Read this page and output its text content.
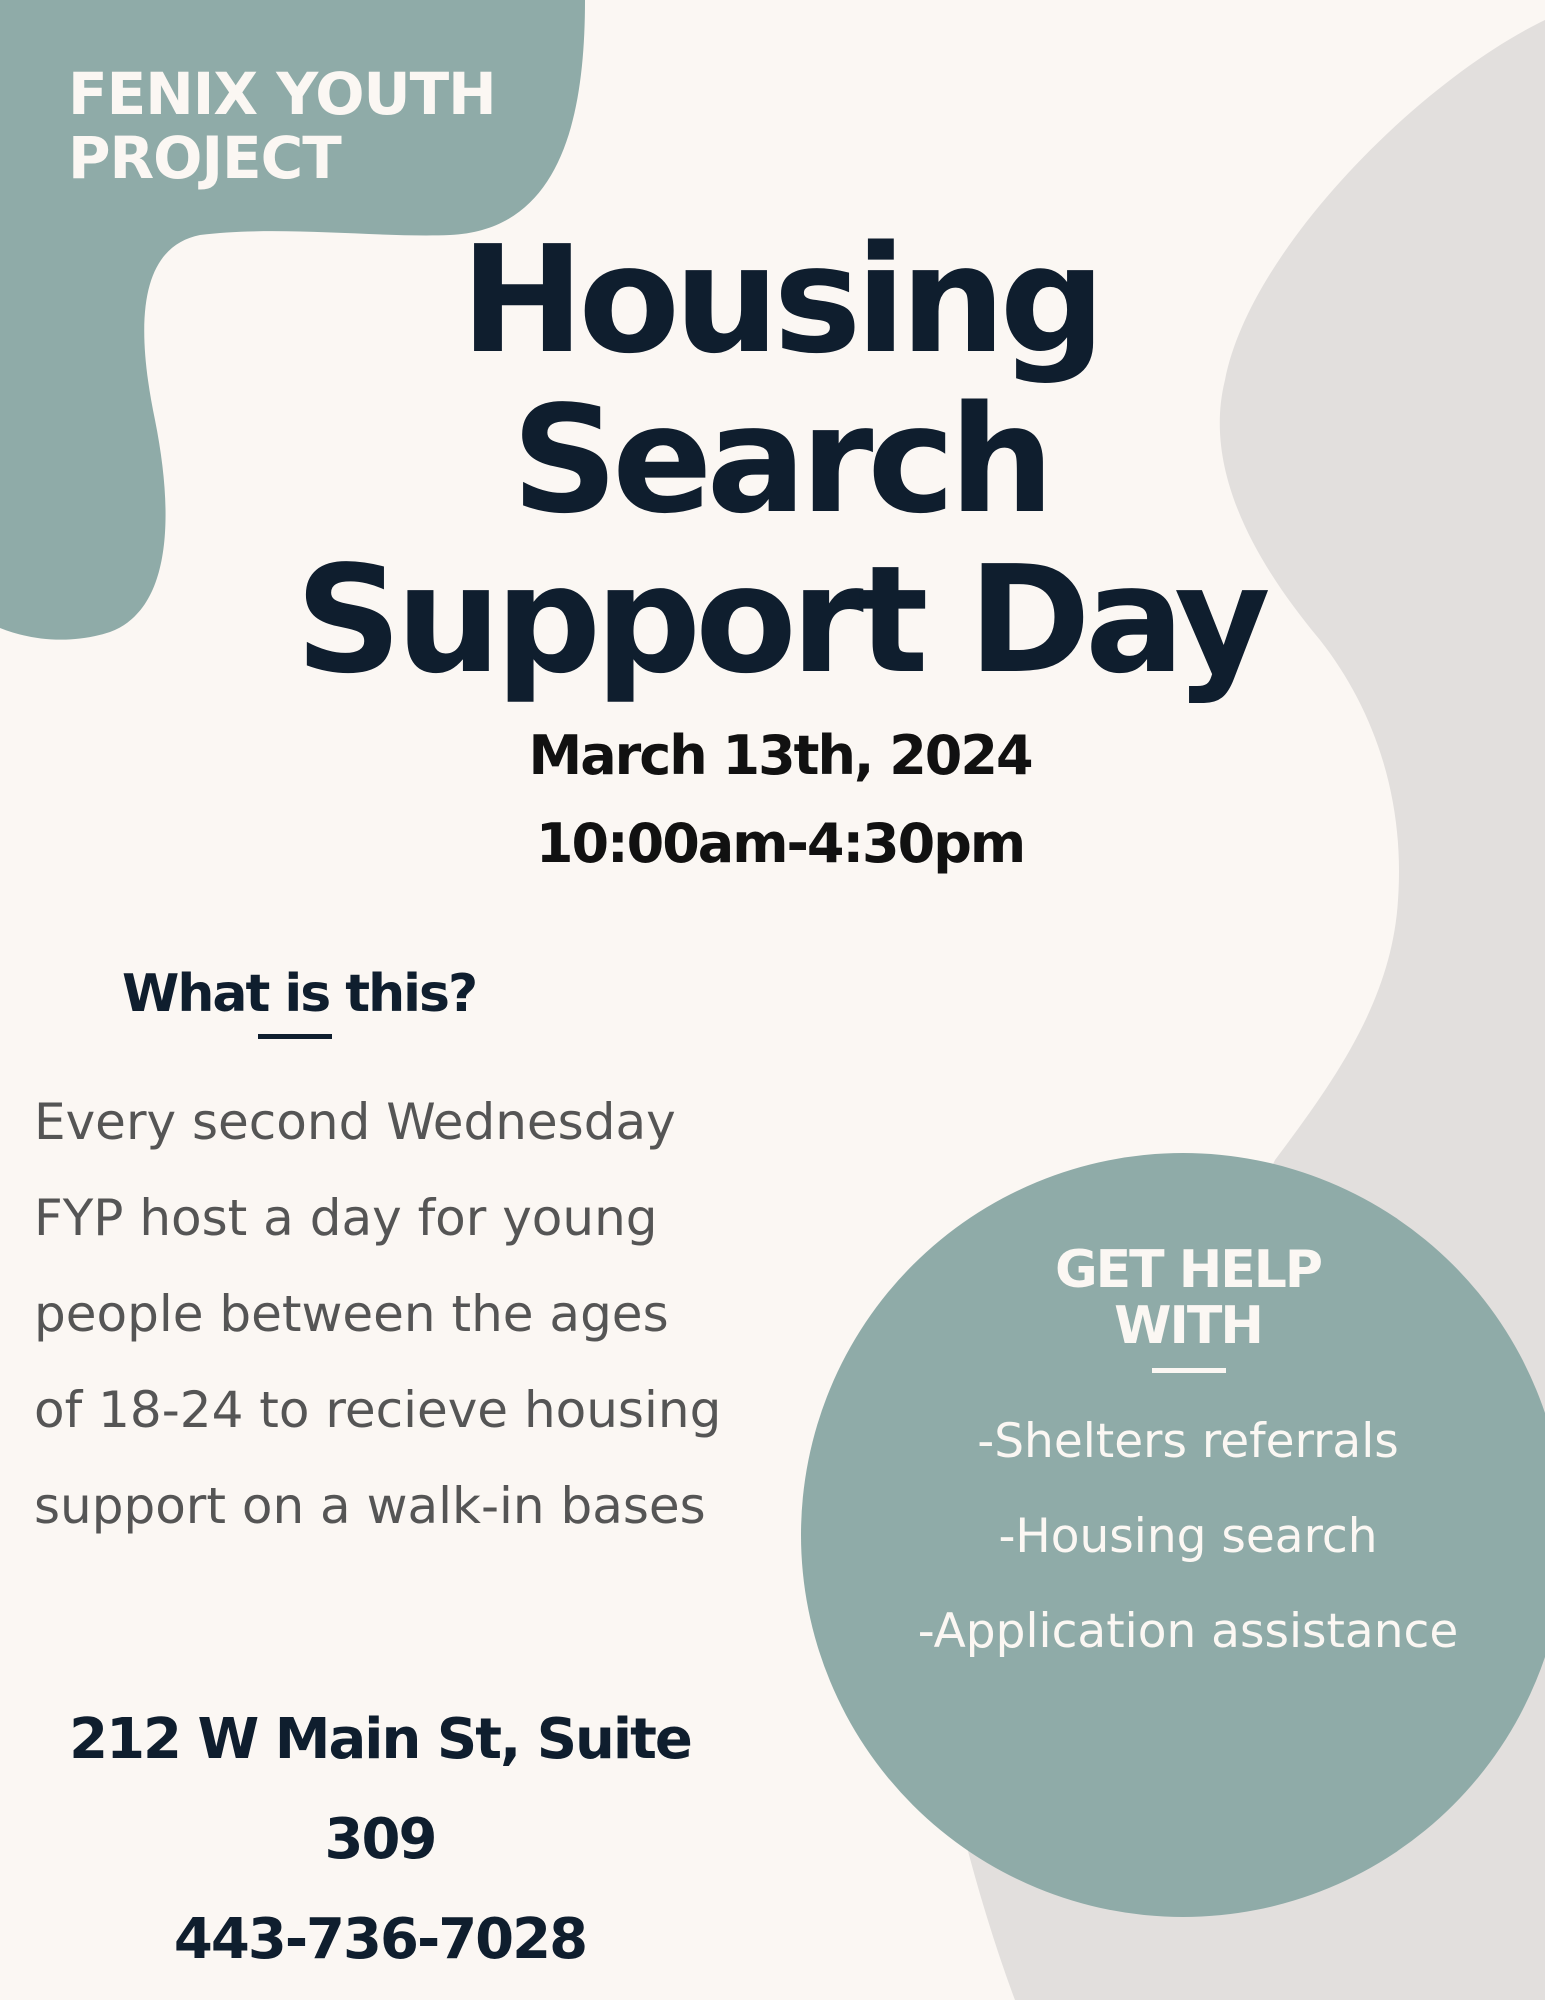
FENIX YOUTH
PROJECT
Housing
Search
Support Day
March 13th, 2024
10:00am-4:30pm
What is this?
Every second Wednesday
FYP host a day for young
people between the ages
of 18-24 to recieve housing
support on a walk-in bases
212 W Main St, Suite 309
443-736-7028
GET HELP
WITH
-Shelters referrals
-Housing search
-Application assistance
